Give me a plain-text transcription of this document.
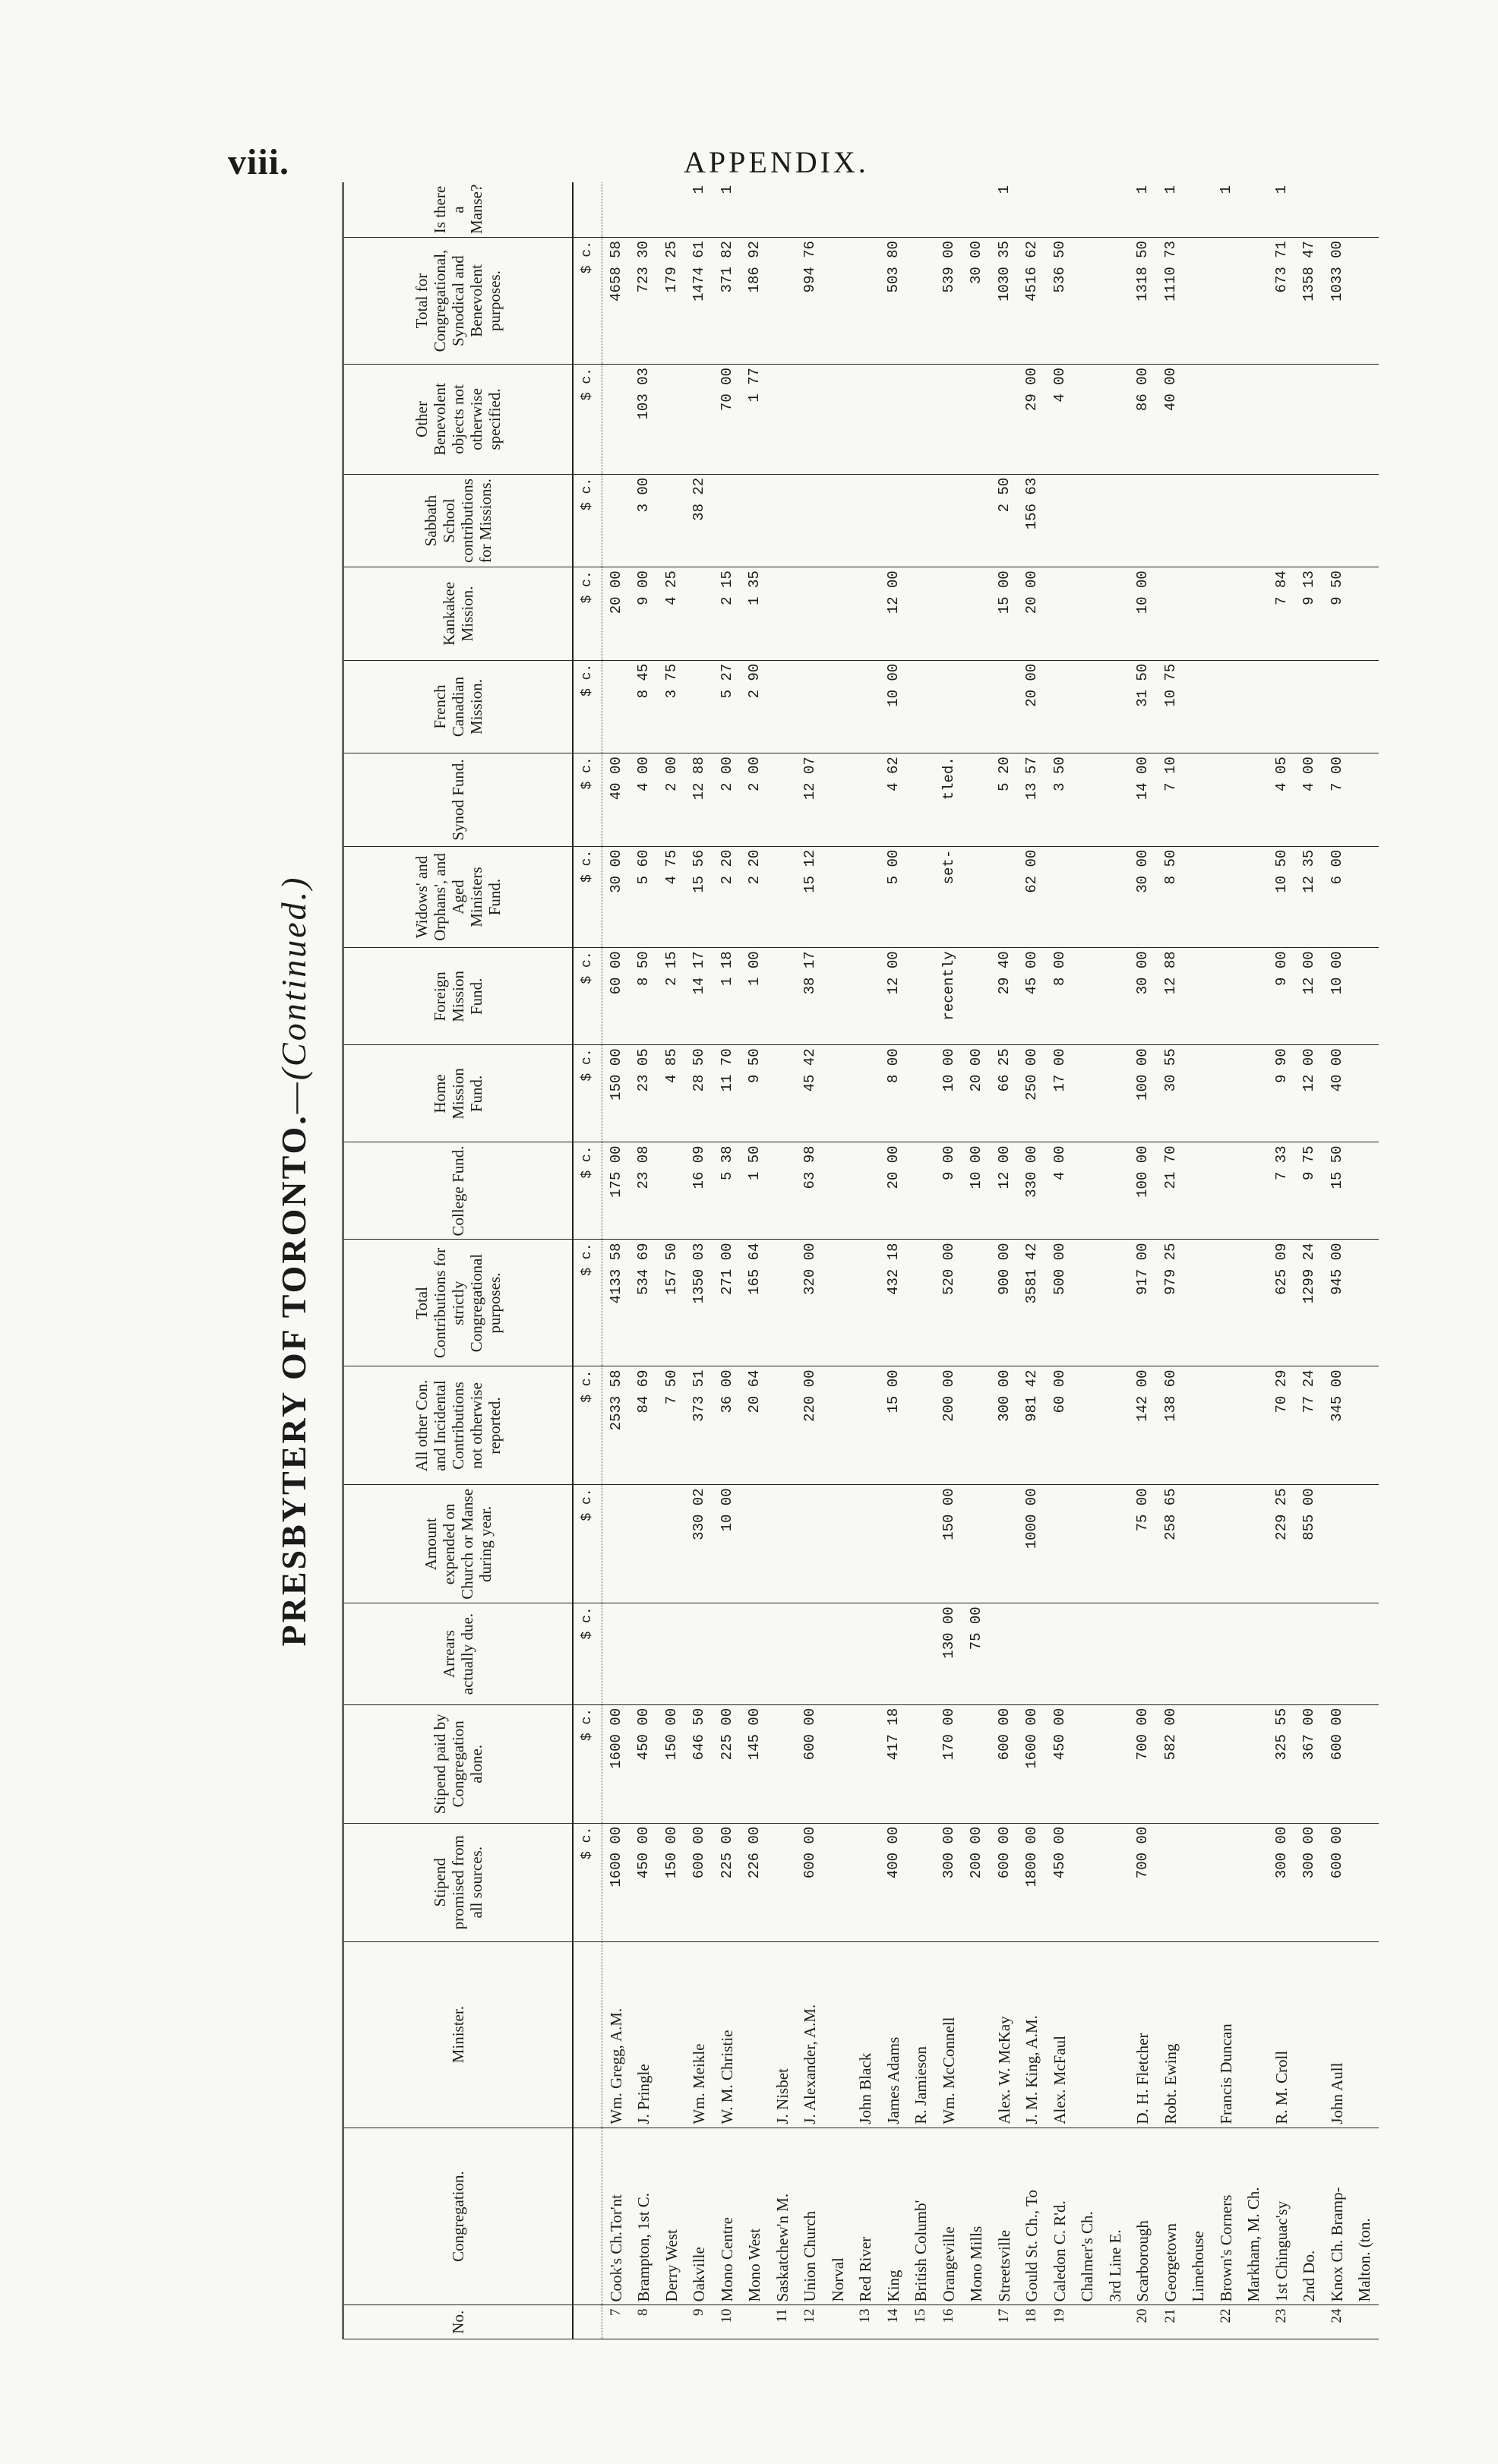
viii.	APPENDIX.
PRESBYTERY OF TORONTO.—(Continued.)
No.	Congregation.	Minister.	Stipend promised from all sources.	Stipend paid by Congregation alone.	Arrears actually due.	Amount expended on Church or Manse during year.	All other Con. and Incidental Contributions not otherwise reported.	Total Contributions for strictly Congregational purposes.	College Fund.	Home Mission Fund.	Foreign Mission Fund.	Widows' and Orphans', and Aged Ministers Fund.	Synod Fund.	French Canadian Mission.	Kankakee Mission.	Sabbath School contributions for Missions.	Other Benevolent objects not otherwise specified.	Total for Congregational, Synodical and Benevolent purposes.	Is there a Manse?
			$ c.	$ c.	$ c.	$ c.	$ c.	$ c.	$ c.	$ c.	$ c.	$ c.	$ c.	$ c.	$ c.	$ c.	$ c.	$ c.	
7	Cook's Ch.Tor'nt	Wm. Gregg, A.M.	1600 00	1600 00			2533 58	4133 58	175 00	150 00	60 00	30 00	40 00		20 00			4658 58	
8	Brampton, 1st C.	J. Pringle	450 00	450 00			84 69	534 69	23 08	23 05	8 50	5 60	4 00	8 45	9 00	3 00	103 03	723 30	
	Derry West		150 00	150 00			7 50	157 50		4 85	2 15	4 75	2 00	3 75	4 25			179 25	
9	Oakville	Wm. Meikle	600 00	646 50		330 02	373 51	1350 03	16 09	28 50	14 17	15 56	12 88			38 22		1474 61	1
10	Mono Centre	W. M. Christie	225 00	225 00		10 00	36 00	271 00	5 38	11 70	1 18	2 20	2 00	5 27	2 15		70 00	371 82	1
	Mono West		226 00	145 00			20 64	165 64	1 50	9 50	1 00	2 20	2 00	2 90	1 35		1 77	186 92	
11	Saskatchew'n M.	J. Nisbet																	
12	Union Church	J. Alexander, A.M.	600 00	600 00			220 00	320 00	63 98	45 42	38 17	15 12	12 07					994 76	
	Norval																		
13	Red River	John Black																	
14	King	James Adams	400 00	417 18			15 00	432 18	20 00	8 00	12 00	5 00	4 62	10 00	12 00			503 80	
15	British Columb'	R. Jamieson																	
16	Orangeville	Wm. McConnell	300 00	170 00	130 00	150 00	200 00	520 00	9 00	10 00	recently	set-	tled.					539 00	
	Mono Mills		200 00		75 00				10 00	20 00								30 00	
17	Streetsville	Alex. W. McKay	600 00	600 00			300 00	900 00	12 00	66 25	29 40		5 20		15 00	2 50		1030 35	1
18	Gould St. Ch., To	J. M. King, A.M.	1800 00	1600 00		1000 00	981 42	3581 42	330 00	250 00	45 00	62 00	13 57	20 00	20 00	156 63	29 00	4516 62	
19	Caledon C. R'd.	Alex. McFaul	450 00	450 00			60 00	500 00	4 00	17 00	8 00		3 50				4 00	536 50	
	Chalmer's Ch.																		
	3rd Line E.																		
20	Scarborough	D. H. Fletcher	700 00	700 00		75 00	142 00	917 00	100 00	100 00	30 00	30 00	14 00	31 50	10 00		86 00	1318 50	1
21	Georgetown	Robt. Ewing		582 00		258 65	138 60	979 25	21 70	30 55	12 88	8 50	7 10	10 75			40 00	1110 73	1
	Limehouse																		
22	Brown's Corners	Francis Duncan																	1
	Markham, M. Ch.																		
23	1st Chinguac'sy	R. M. Croll	300 00	325 55		229 25	70 29	625 09	7 33	9 90	9 00	10 50	4 05		7 84			673 71	1
	2nd Do.		300 00	367 00		855 00	77 24	1299 24	9 75	12 00	12 00	12 35	4 00		9 13			1358 47	
24	Knox Ch. Bramp-	John Aull	600 00	600 00			345 00	945 00	15 50	40 00	10 00	6 00	7 00		9 50			1033 00	
	Malton. (ton.																		
